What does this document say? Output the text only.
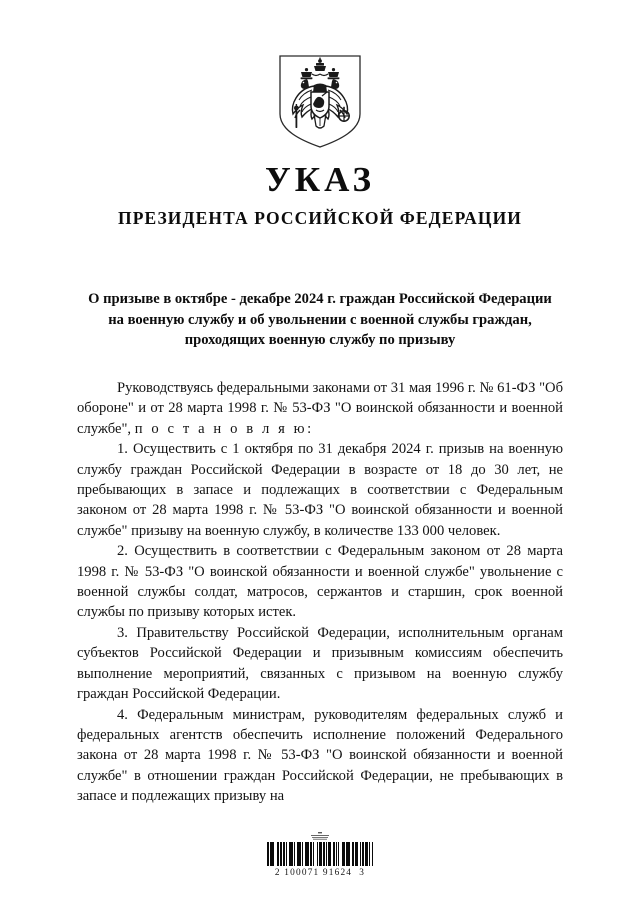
УКАЗ
ПРЕЗИДЕНТА РОССИЙСКОЙ ФЕДЕРАЦИИ
О призыве в октябре - декабре 2024 г. граждан Российской Федерации на военную службу и об увольнении с военной службы граждан, проходящих военную службу по призыву

Руководствуясь федеральными законами от 31 мая 1996 г. № 61-ФЗ "Об обороне" и от 28 марта 1998 г. № 53-ФЗ "О воинской обязанности и военной службе", п о с т а н о в л я ю:

1. Осуществить с 1 октября по 31 декабря 2024 г. призыв на военную службу граждан Российской Федерации в возрасте от 18 до 30 лет, не пребывающих в запасе и подлежащих в соответствии с Федеральным законом от 28 марта 1998 г. № 53-ФЗ "О воинской обязанности и военной службе" призыву на военную службу, в количестве 133 000 человек.

2. Осуществить в соответствии с Федеральным законом от 28 марта 1998 г. № 53-ФЗ "О воинской обязанности и военной службе" увольнение с военной службы солдат, матросов, сержантов и старшин, срок военной службы по призыву которых истек.

3. Правительству Российской Федерации, исполнительным органам субъектов Российской Федерации и призывным комиссиям обеспечить выполнение мероприятий, связанных с призывом на военную службу граждан Российской Федерации.

4. Федеральным министрам, руководителям федеральных служб и федеральных агентств обеспечить исполнение положений Федерального закона от 28 марта 1998 г. № 53-ФЗ "О воинской обязанности и военной службе" в отношении граждан Российской Федерации, не пребывающих в запасе и подлежащих призыву на

2 100071 91624  3
